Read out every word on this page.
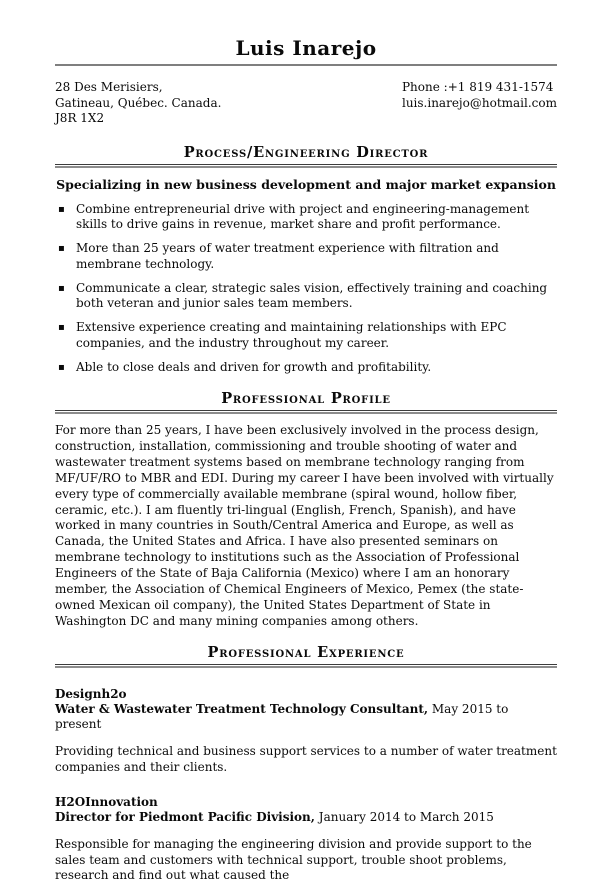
Luis Inarejo
28 Des Merisiers,
Gatineau, Québec. Canada.
J8R 1X2
Phone :+1 819 431-1574
luis.inarejo@hotmail.com
Process/Engineering Director
Specializing in new business development and major market expansion
▪ Combine entrepreneurial drive with project and engineering-management skills to drive gains in revenue, market share and profit performance.
▪ More than 25 years of water treatment experience with filtration and membrane technology.
▪ Communicate a clear, strategic sales vision, effectively training and coaching both veteran and junior sales team members.
▪ Extensive experience creating and maintaining relationships with EPC companies, and the industry throughout my career.
▪ Able to close deals and driven for growth and profitability.
Professional Profile

For more than 25 years, I have been exclusively involved in the process design, construction, installation, commissioning and trouble shooting of water and wastewater treatment systems based on membrane technology ranging from MF/UF/RO to MBR and EDI. During my career I have been involved with virtually every type of commercially available membrane (spiral wound, hollow fiber, ceramic, etc.). I am fluently tri-lingual (English, French, Spanish), and have worked in many countries in South/Central America and Europe, as well as Canada, the United States and Africa. I have also presented seminars on membrane technology to institutions such as the Association of Professional Engineers of the State of Baja California (Mexico) where I am an honorary member, the Association of Chemical Engineers of Mexico, Pemex (the state-owned Mexican oil company), the United States Department of State in Washington DC and many mining companies among others.

Professional Experience

Designh2o

Water & Wastewater Treatment Technology Consultant, May 2015 to present

Providing technical and business support services to a number of water treatment companies and their clients.

H2OInnovation

Director for Piedmont Pacific Division, January 2014 to March 2015

Responsible for managing the engineering division and provide support to the sales team and customers with technical support, trouble shoot problems, research and find out what caused the
